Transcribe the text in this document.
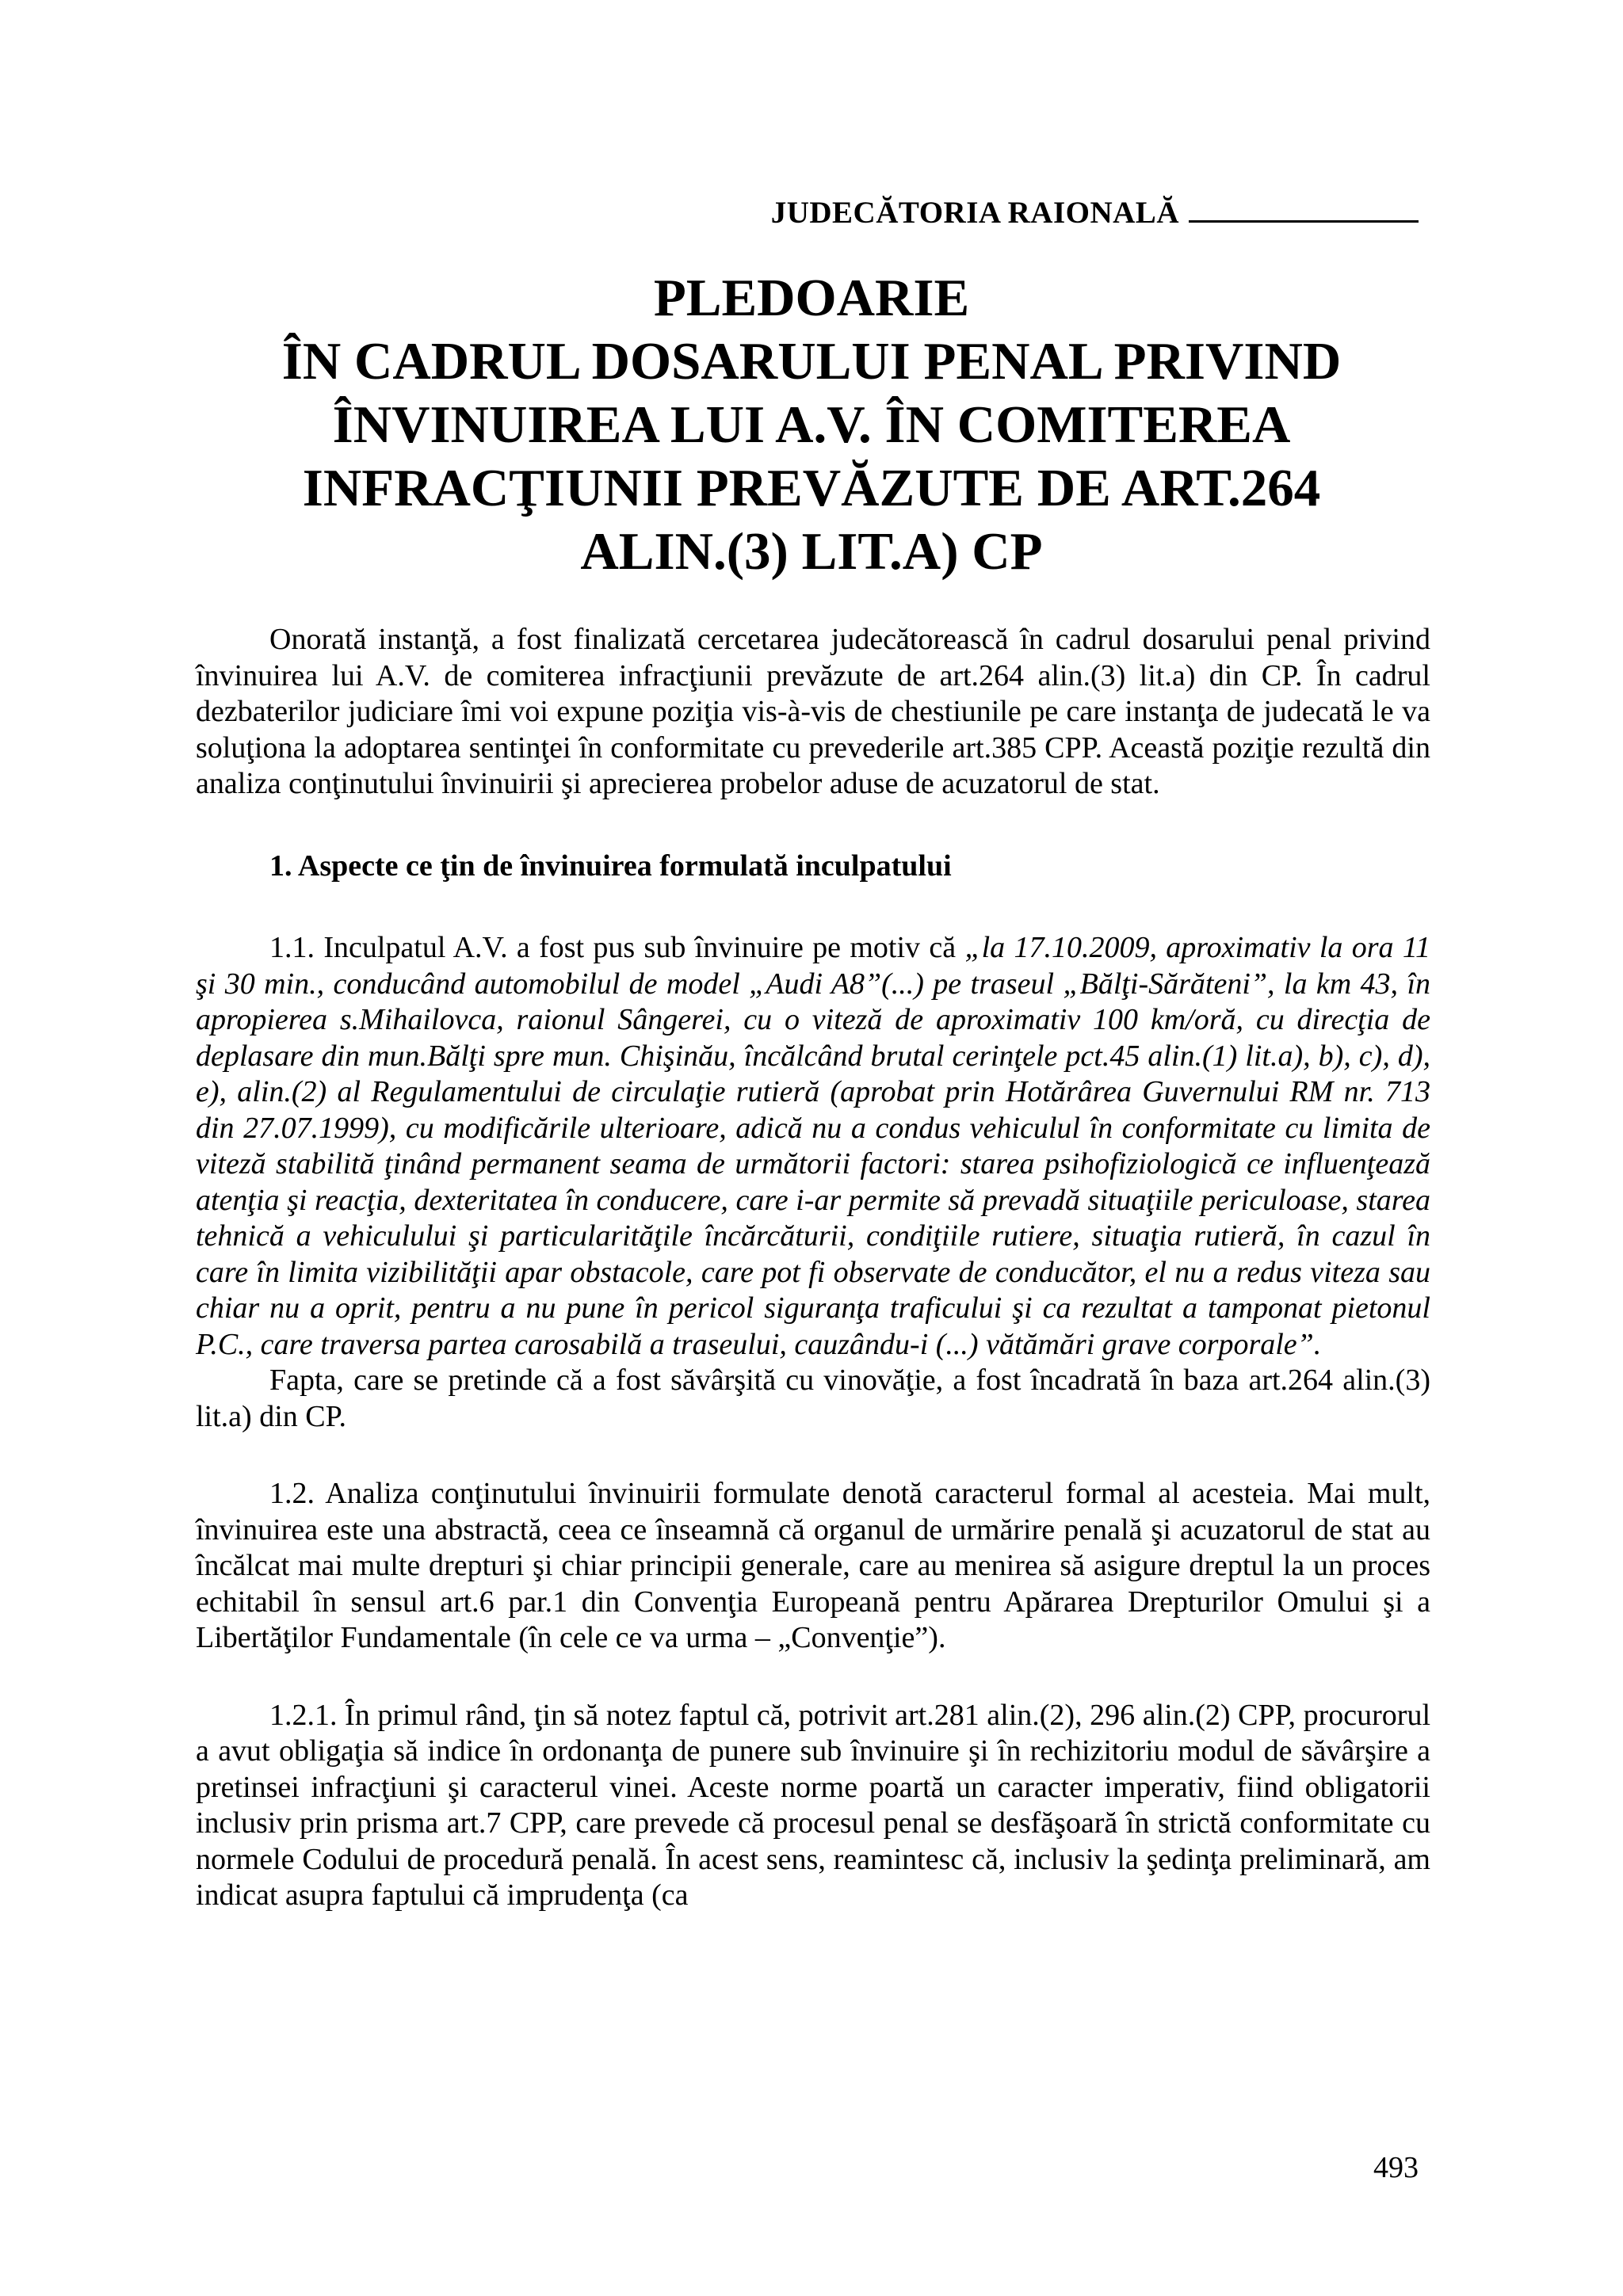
JUDECĂTORIA RAIONALĂ
PLEDOARIE
ÎN CADRUL DOSARULUI PENAL PRIVIND
ÎNVINUIREA LUI A.V. ÎN COMITEREA
INFRACŢIUNII PREVĂZUTE DE ART.264
ALIN.(3) LIT.A) CP

Onorată instanţă, a fost finalizată cercetarea judecătorească în cadrul dosarului penal privind învinuirea lui A.V. de comiterea infracţiunii prevăzute de art.264 alin.(3) lit.a) din CP. În cadrul dezbaterilor judiciare îmi voi expune poziţia vis-à-vis de chestiunile pe care instanţa de judecată le va soluţiona la adoptarea sentinţei în conformitate cu prevederile art.385 CPP. Această poziţie rezultă din analiza conţinutului învinuirii şi aprecierea probelor aduse de acuzatorul de stat.

1. Aspecte ce ţin de învinuirea formulată inculpatului

1.1. Inculpatul A.V. a fost pus sub învinuire pe motiv că „la 17.10.2009, aproximativ la ora 11 şi 30 min., conducând automobilul de model „Audi A8”(...) pe traseul „Bălţi-Sărăteni”, la km 43, în apropierea s.Mihailovca, raionul Sângerei, cu o viteză de aproximativ 100 km/oră, cu direcţia de deplasare din mun.Bălţi spre mun. Chişinău, încălcând brutal cerinţele pct.45 alin.(1) lit.a), b), c), d), e), alin.(2) al Regulamentului de circulaţie rutieră (aprobat prin Hotărârea Guvernului RM nr. 713 din 27.07.1999), cu modificările ulterioare, adică nu a condus vehiculul în conformitate cu limita de viteză stabilită ţinând permanent seama de următorii factori: starea psihofiziologică ce influenţează atenţia şi reacţia, dexteritatea în conducere, care i-ar permite să prevadă situaţiile periculoase, starea tehnică a vehiculului şi particularităţile încărcăturii, condiţiile rutiere, situaţia rutieră, în cazul în care în limita vizibilităţii apar obstacole, care pot fi observate de conducător, el nu a redus viteza sau chiar nu a oprit, pentru a nu pune în pericol siguranţa traficului şi ca rezultat a tamponat pietonul P.C., care traversa partea carosabilă a traseului, cauzându-i (...) vătămări grave corporale”.

Fapta, care se pretinde că a fost săvârşită cu vinovăţie, a fost încadrată în baza art.264 alin.(3) lit.a) din CP.

1.2. Analiza conţinutului învinuirii formulate denotă caracterul formal al acesteia. Mai mult, învinuirea este una abstractă, ceea ce înseamnă că organul de urmărire penală şi acuzatorul de stat au încălcat mai multe drepturi şi chiar principii generale, care au menirea să asigure dreptul la un proces echitabil în sensul art.6 par.1 din Convenţia Europeană pentru Apărarea Drepturilor Omului şi a Libertăţilor Fundamentale (în cele ce va urma – „Convenţie”).

1.2.1. În primul rând, ţin să notez faptul că, potrivit art.281 alin.(2), 296 alin.(2) CPP, procurorul a avut obligaţia să indice în ordonanţa de punere sub învinuire şi în rechizitoriu modul de săvârşire a pretinsei infracţiuni şi caracterul vinei. Aceste norme poartă un caracter imperativ, fiind obligatorii inclusiv prin prisma art.7 CPP, care prevede că procesul penal se desfăşoară în strictă conformitate cu normele Codului de procedură penală. În acest sens, reamintesc că, inclusiv la şedinţa preliminară, am indicat asupra faptului că imprudenţa (ca

493
